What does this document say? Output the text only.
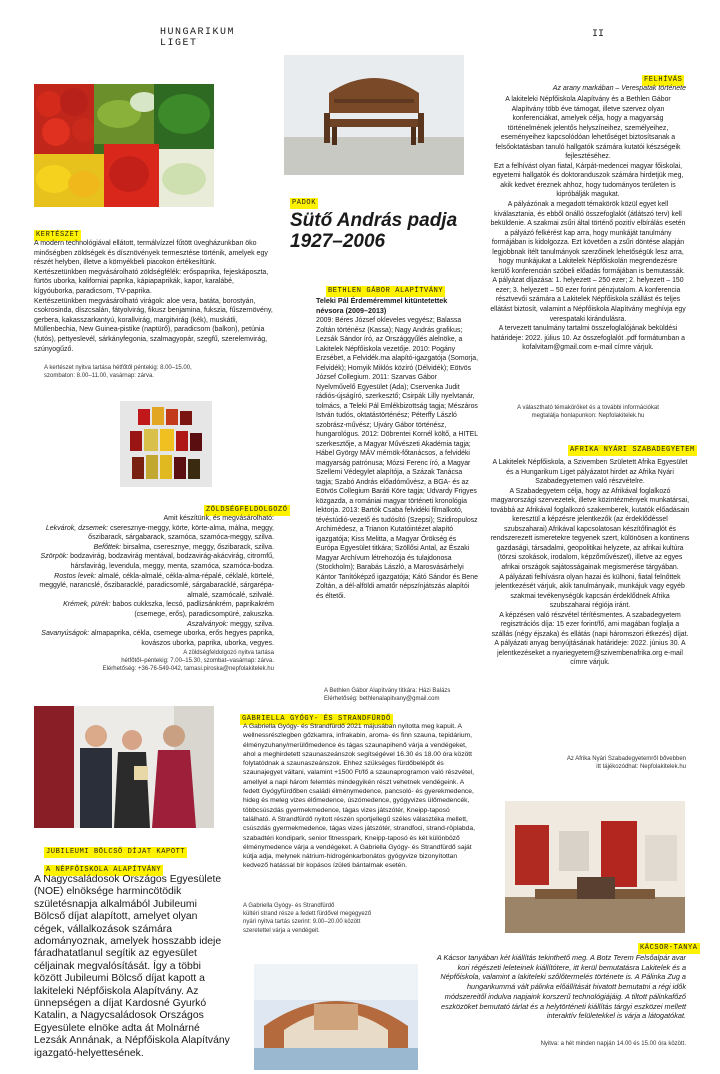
HUNGARIKUM
LIGET
II
KERTÉSZET
A modern technológiával ellátott, termálvízzel fűtött üvegházunkban öko minőségben zöldségek és dísznövények termesztése történik, amelyek egy részét helyben, illetve a környékbeli piacokon értékesítünk.
Kertészetünkben megvásárolható zöldségfélék: erőspaprika, fejeskáposzta, fürtös uborka, kaliforniai paprika, kápiapaprikák, kapor, karalábé, kígyóuborka, paradicsom, TV-paprika.
Kertészetünkben megvásárolható virágok: aloe vera, batáta, borostyán, csokrosinda, díszcsalán, fátyolvirág, fikusz benjamina, fukszia, fűszernövény, gerbera, kakasszarkantyú, korallvirág, margitvirág (kék), muskátli, Müllenbechia, New Guinea-pistike (naptürő), paradicsom (balkon), petúnia (futós), pettyeslevél, sárkányfegonia, szalmagyopár, szegfű, szerelemvirág, szúnyogűző.
A kertészet nyitva tartása hétfőtől péntekig: 8.00–15.00,
szombaton: 8.00–11.00, vasárnap: zárva.
ZÖLDSÉGFELDOLGOZÓ

Amit készítünk, és megvásárolható:

Lekvárok, dzsemek: cseresznye-meggy, körte, körte-alma, málna, meggy, őszibarack, sárgabarack, szamóca, szamóca-meggy, szilva.

Befőttek: birsalma, cseresznye, meggy, őszibarack, szilva.

Szörpök: bodzavirág, bodzavirág mentával, bodzavirág-akácvirág, citromfű, hársfavirág, levendula, meggy, menta, szamóca, szamóca-bodza.

Rostos levek: almalé, cékla-almalé, cékla-alma-répalé, céklalé, körtelé, meggylé, narancslé, őszibaracklé, paradicsomlé, sárgabaracklé, sárgarépa-almalé, szamócalé, szilvalé.

Krémek, pürék: babos cukkszka, lecsó, padlizsánkrém, paprikakrém (csemege, erős), paradicsompüré, zakuszka.

Aszalványok: meggy, szilva.

Savanyúságok: almapaprika, cékla, csemege uborka, erős hegyes paprika, kovászos uborka, paprika, uborka, vegyes.

A zöldségfeldolgozó nyitva tartása
hétfőtől–péntekig: 7.00–15.30, szombat–vasárnap: zárva.
Elérhetőség: +36-76-549-042, tamasi.piroska@nepfolakitelek.hu
PADOK
Sütő András padja
1927–2006
BETHLEN GÁBOR ALAPÍTVÁNY
Teleki Pál Érdeméremmel kitüntetettek névsora (2009–2013)
2009: Béres József okleveles vegyész; Balassa Zoltán történész (Kassa); Nagy András grafikus; Lezsák Sándor író, az Országgyűlés alelnöke, a Lakitelek Népfőiskola vezetője. 2010: Pogány Erzsébet, a Felvidék.ma alapító-igazgatója (Somorja, Felvidék); Hornyik Miklós közíró (Délvidék); Eötvös József Collegium. 2011: Szarvas Gábor Nyelvművelő Egyesület (Ada); Cservenka Judit rádiós-újságíró, szerkesztő; Csirpák Lilly nyelvtanár, tolmács, a Teleki Pál Emlékbizottság tagja; Mészáros István tudós, oktatástörténész; Péterffy László szobrász-művész; Ujváry Gábor történész, hungarológus. 2012: Döbrentei Kornél költő, a HITEL szerkesztője, a Magyar Művészeti Akadémia tagja; Hábel György MÁV mérnök-főtanácsos, a felvidéki magyarság patrónusa; Mózsi Ferenc író, a Magyar Szellemi Védegylet alapítója, a Százak Tanácsa tagja; Szabó András előadóművész, a BGA- és az Eötvös Collegium Baráti Köre tagja; Udvardy Frigyes közgazda, a romániai magyar történeti kronológia lektorja. 2013: Bartók Csaba felvidéki filmalkotó, tévéstúdió-vezető és tudósító (Szepsi); Szidiropulosz Archimédesz, a Trianon Kutatóintézet alapító igazgatója; Kiss Melitta, a Magyar Örökség és Európa Egyesület titkára; Szöllősi Antal, az Északi Magyar Archívum létrehozója és tulajdonosa (Stockholm); Barabás László, a Marosvásárhelyi Kántor Tanítóképző igazgatója; Kátó Sándor és Bene Zoltán, a dél-alföldi amatőr népszínjátszás alapítói és éltetői.
A Bethlen Gábor Alapítvány titkára: Házi Balázs
Elérhetőség: bethlenalapitvany@gmail.com
FELHÍVÁS
Az arany markában – Verespatak története
A lakiteleki Népfőiskola Alapítvány és a Bethlen Gábor Alapítvány több éve támogat, illetve szervez olyan konferenciákat, amelyek célja, hogy a magyarság történelmének jelentős helyszíneihez, személyeihez, eseményeihez kapcsolódóan lehetőséget biztosítsanak a felsőoktatásban tanuló hallgatók számára kutatói készségeik fejlesztéséhez.
Ezt a felhívást olyan fiatal, Kárpát-medencei magyar főiskolai, egyetemi hallgatók és doktoranduszok számára hirdetjük meg, akik kedvet éreznek ahhoz, hogy tudományos területen is kipróbálják magukat.
A pályázónak a megadott témakörök közül egyet kell kiválasztania, és ebből önálló összefoglalót (átlátszó terv) kell beküldenie. A szakmai zsűri által történő pozitív elbírálás esetén a pályázó felkérést kap arra, hogy munkáját tanulmány formájában is kidolgozza. Ezt követően a zsűri döntése alapján legjobbnak ítélt tanulmányok szerzőinek lehetőségük lesz arra, hogy munkájukat a Lakitelek Népfőiskolán megrendezésre kerülő konferencián szóbeli előadás formájában is bemutassák.
A pályázat díjazása: 1. helyezett – 250 ezer; 2. helyezett – 150 ezer; 3. helyezett – 50 ezer forint pénzjutalom. A konferencia résztvevői számára a Lakitelek Népfőiskola szállást és teljes ellátást biztosít, valamint a Népfőiskola Alapítvány meghívja egy verespataki kirándulásra.
A tervezett tanulmány tartalmi összefoglalójának beküldési határideje: 2022. július 10. Az összefoglalót .pdf formátumban a kofalvitam@gmail.com e-mail címre várjuk.
A választható témaköröket és a további információkat
megtalálja honlapunkon: Nepfolakitelek.hu
AFRIKA NYÁRI SZABADEGYETEM
A Lakitelek Népfőiskola, a Szivemben Született Afrika Egyesület és a Hungarikum Liget pályázatot hirdet az Afrika Nyári Szabadegyetemen való részvételre.
A Szabadegyetem célja, hogy az Afrikával foglalkozó magyarországi szervezetek, illetve közintézmények munkatársai, továbbá az Afrikával foglalkozó szakemberek, kutatók előadásain keresztül a képzésre jelentkezők (az érdeklődéssel szubszaharai) Afrikával kapcsolatosan készítőfinaglót és rendszerezett ismeretekre tegyenek szert, különösen a kontinens gazdasági, társadalmi, geopolitikai helyzete, az afrikai kultúra (törzsi szokások, irodalom, képzőművészet), illetve az egyes afrikai országok sajátosságainak megismerése tárgyában.
A pályázati felhívásra olyan hazai és külhoni, fiatal felnőttek jelentkezését várjuk, akik tanulmányaik, munkájuk vagy egyéb szakmai tevékenységük kapcsán érdeklődnek Afrika szubszaharai régiója iránt.
A képzésen való részvétel térítésmentes. A szabadegyetem regisztrációs díja: 15 ezer forint/fő, ami magában foglalja a szállás (négy éjszaka) és ellátás (napi háromszori étkezés) díjat.
A pályázati anyag benyújtásának határideje: 2022. június 30. A jelentkezéseket a nyariegyetem@szivembenafrika.org e-mail címre várjuk.
Az Afrika Nyári Szabadegyetemről bővebben
itt tájékozódhat: Nepfolakitelek.hu
JUBILEUMI BÖLCSŐ DÍJAT KAPOTT
A NÉPFŐISKOLA ALAPÍTVÁNY
A Nagycsaládosok Országos Egyesülete (NOE) elnöksége harmincötödik születésnapja alkalmából Jubileumi Bölcső díjat alapított, amelyet olyan cégek, vállalkozások számára adományoznak, amelyek hosszabb ideje fáradhatatlanul segítik az egyesület céljainak megvalósítását. Így a többi között Jubileumi Bölcső díjat kapott a lakiteleki Népfőiskola Alapítvány. Az ünnepségen a díjat Kardosné Gyurkó Katalin, a Nagycsaládosok Országos Egyesülete elnöke adta át Molnárné Lezsák Annának, a Népfőiskola Alapítvány igazgató-helyettesének.
GABRIELLA GYÓGY- ÉS STRANDFÜRDŐ
A Gabriella Gyógy- és Strandfürdő 2021 májusában nyitotta meg kapuit. A wellnessrészlegben gőzkamra, infrakabin, aroma- és finn szauna, tepidárium, élményzuhany/merülőmedence és tágas szaunapihenő várja a vendégeket, ahol a meghirdetett szaunaszeánszok segítségével 16.30 és 18.00 óra között folytatódnak a szaunaszeánszok. Ehhez szükséges fürdőbelépőt és szaunajegyet váltani, valamint +1500 Ft/fő a szaunaprogramon való részvétel, amellyel a napi három felemtés mindegyikén részt vehetnek vendégeink. A fedett Gyógyfürdőben családi élménymedence, pancsoló- és gyerekmedence, hideg és meleg vizes élőmedence, úszómedence, gyógyvizes ülőmedencék, többcsúszdás gyermekmedence, tágas vizes játszótér, Kneipp-taposó található. A Strandfürdő nyitott részén sportjellegű széles választéka mellett, csúszdás gyermekmedence, tágas vizes játszótér, strandfoci, strand-röplabda, szabadtéri kondipark, senior fitnesspark, Kneipp-taposó és két különböző élménymedence várja a vendégeket. A Gabriella Gyógy- és Strandfürdő saját kútja adja, melynek nátrium-hidrogénkarbonátos gyógyvize bizonyítottan kedvező hatással bír kopásos ízületi bántalmak esetén.
A Gabriella Gyógy- és Strandfürdő
kültéri strand része a fedett fürdővel megegyező
nyári nyitva tartás szerint: 9.00–20.00 között
szeretettel várja a vendégeit.
KÁCSOR-TANYA
A Kácsor tanyában két kiállítás tekinthető meg. A Botz Terem Felsőalpár avar kori régészeti leleteinek kiállítótere, itt kerül bemutatásra Lakitelek és a Népfőiskola, valamint a lakiteleki szőlőtermelés története is. A Pálinka Zug a hungarikummá vált pálinka előállítását hivatott bemutatni a régi idők módszereitől indulva napjaink korszerű technológiájáig. A tiltott pálinkafőző eszközöket bemutató tárlat és a helytörténeti kiállítás tárgyi eszközei mellett interaktív felületekkel is várja a látogatókat.
Nyitva: a hét minden napján 14.00 és 15.00 óra között.
